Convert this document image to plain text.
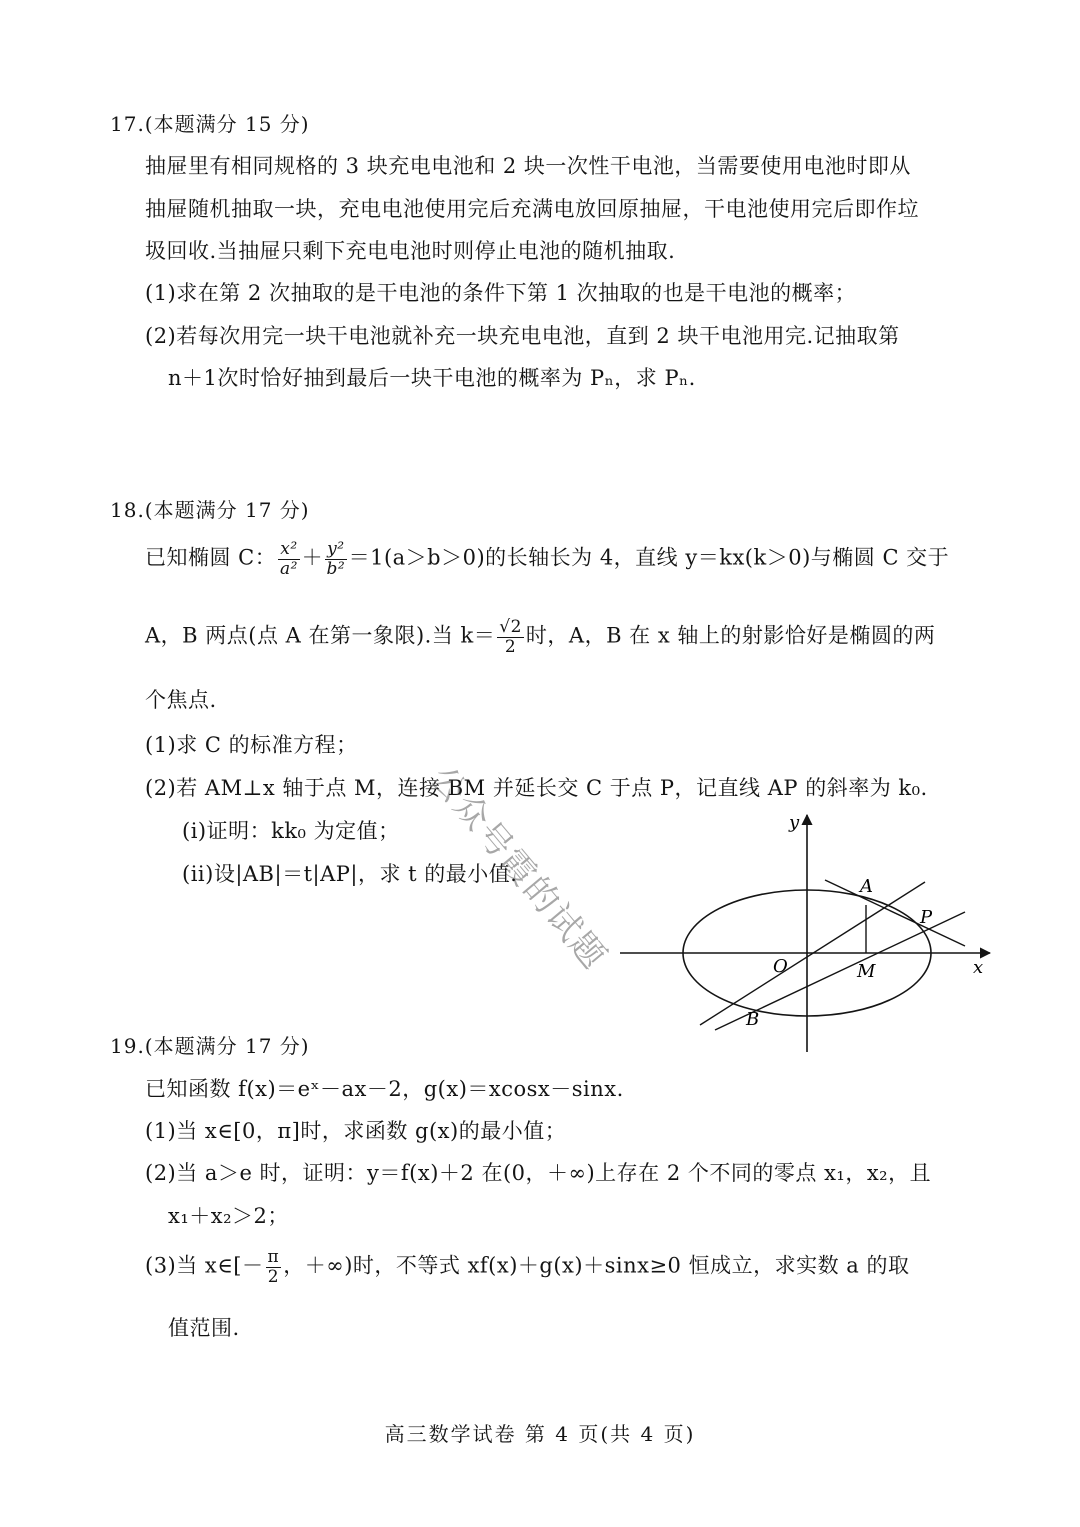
17.(本题满分 15 分)
抽屉里有相同规格的 3 块充电电池和 2 块一次性干电池，当需要使用电池时即从
抽屉随机抽取一块，充电电池使用完后充满电放回原抽屉，干电池使用完后即作垃
圾回收.当抽屉只剩下充电电池时则停止电池的随机抽取.
(1)求在第 2 次抽取的是干电池的条件下第 1 次抽取的也是干电池的概率；
(2)若每次用完一块干电池就补充一块充电电池，直到 2 块干电池用完.记抽取第
n＋1次时恰好抽到最后一块干电池的概率为 Pₙ，求 Pₙ.
18.(本题满分 17 分)
已知椭圆 C： $\frac{\text{x²}}{\text{a²}} + \frac{\text{y²}}{\text{b²}} =1(a>b>0)$的长轴长为 4，直线 y＝kx(k＞0)与椭圆 C 交于
A，B 两点(点 A 在第一象限).当 $k= \frac{√2}{2}$ 时，A，B 在 x 轴上的射影恰好是椭圆的两
个焦点.
(1)求 C 的标准方程；
(2)若 AM⊥x 轴于点 M，连接 BM 并延长交 C 于点 P，记直线 AP 的斜率为 k₀.
(i)证明：kk₀ 为定值；
(ii)设|AB|＝t|AP|，求 t 的最小值.
y
x
O
A
B
M
P
公众号霞的试题
19.(本题满分 17 分)
已知函数 f(x)＝eˣ－ax－2，g(x)＝xcosx－sinx.
(1)当 x∈[0，π]时，求函数 g(x)的最小值；
(2)当 a＞e 时，证明：y＝f(x)＋2 在(0，＋∞)上存在 2 个不同的零点 x₁，x₂，且
x₁＋x₂＞2；
(3)当 x∈[－ $\frac{\pi}{2}$ ，＋∞)时，不等式 xf(x)＋g(x)＋sinx≥0 恒成立，求实数 a 的取
值范围.
高三数学试卷 第 4 页(共 4 页)
